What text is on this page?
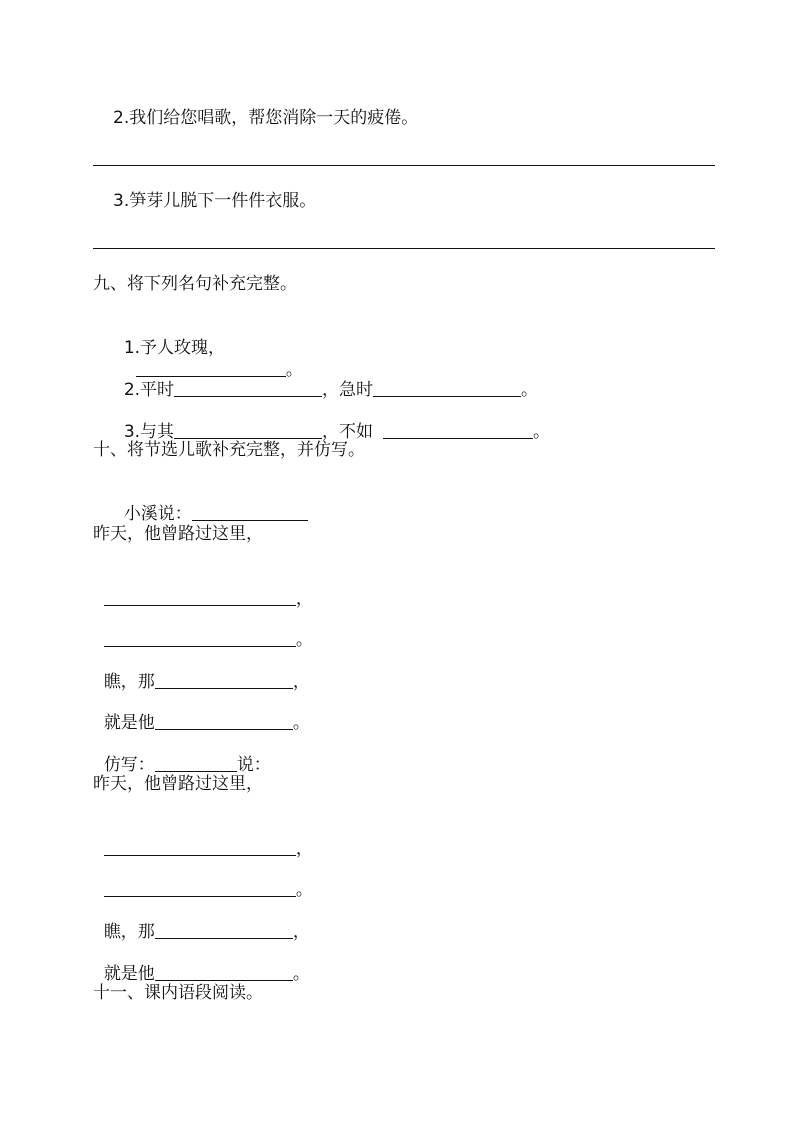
2.我们给您唱歌，帮您消除一天的疲倦。
3.笋芽儿脱下一件件衣服。
九、将下列名句补充完整。

1.予人玫瑰，
。

2.平时	，急时	。

3.与其	，不如	。

十、将节选儿歌补充完整，并仿写。

小溪说：

昨天，他曾路过这里，

，

。

瞧，那	，

就是他	。

仿写：	说：

昨天，他曾路过这里，

，

。

瞧，那	，

就是他	。

十一、课内语段阅读。
